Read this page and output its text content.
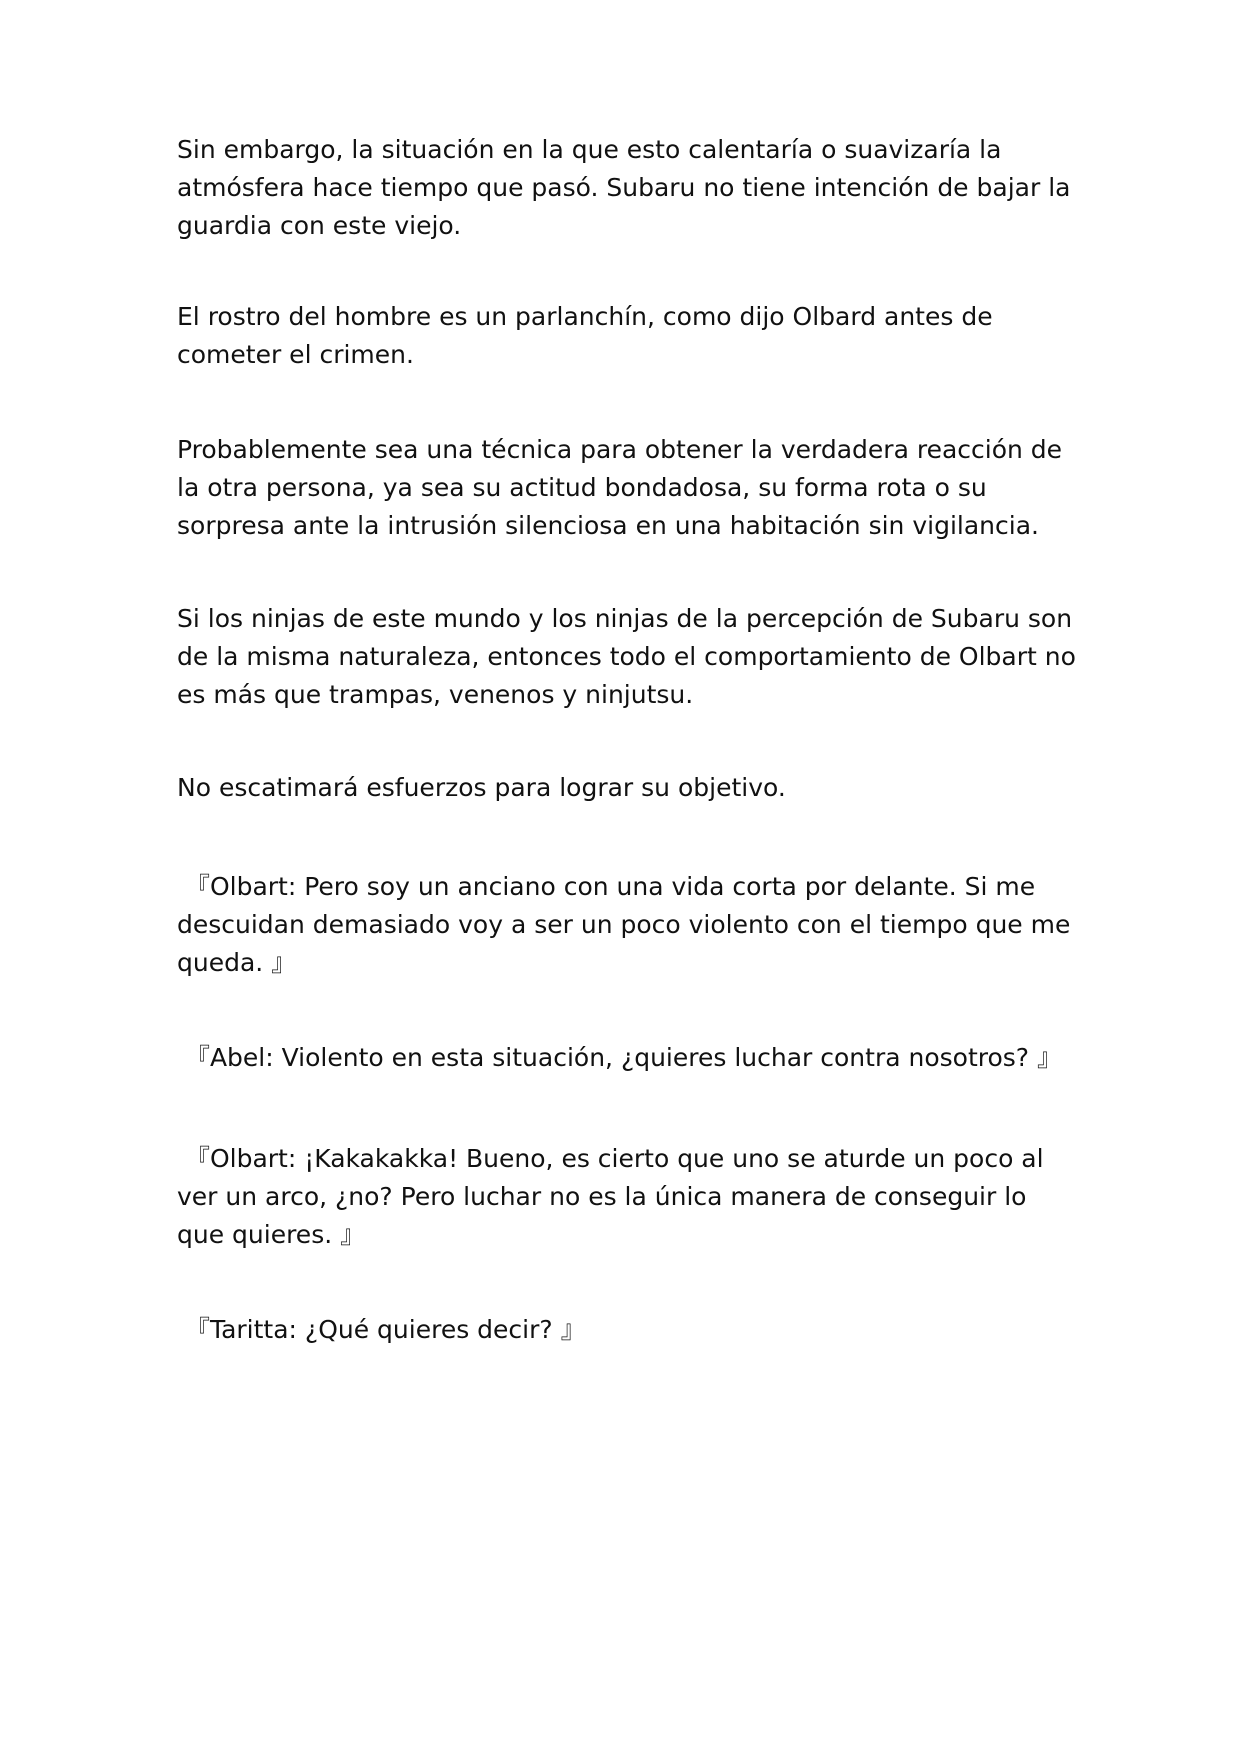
Sin embargo, la situación en la que esto calentaría o suavizaría la atmósfera hace tiempo que pasó. Subaru no tiene intención de bajar la guardia con este viejo.

El rostro del hombre es un parlanchín, como dijo Olbard antes de cometer el crimen.

Probablemente sea una técnica para obtener la verdadera reacción de la otra persona, ya sea su actitud bondadosa, su forma rota o su sorpresa ante la intrusión silenciosa en una habitación sin vigilancia.

Si los ninjas de este mundo y los ninjas de la percepción de Subaru son de la misma naturaleza, entonces todo el comportamiento de Olbart no es más que trampas, venenos y ninjutsu.

No escatimará esfuerzos para lograr su objetivo.

『Olbart: Pero soy un anciano con una vida corta por delante. Si me descuidan demasiado voy a ser un poco violento con el tiempo que me queda. 』

『Abel: Violento en esta situación, ¿quieres luchar contra nosotros? 』

『Olbart: ¡Kakakakka! Bueno, es cierto que uno se aturde un poco al ver un arco, ¿no? Pero luchar no es la única manera de conseguir lo que quieres. 』

『Taritta: ¿Qué quieres decir? 』
